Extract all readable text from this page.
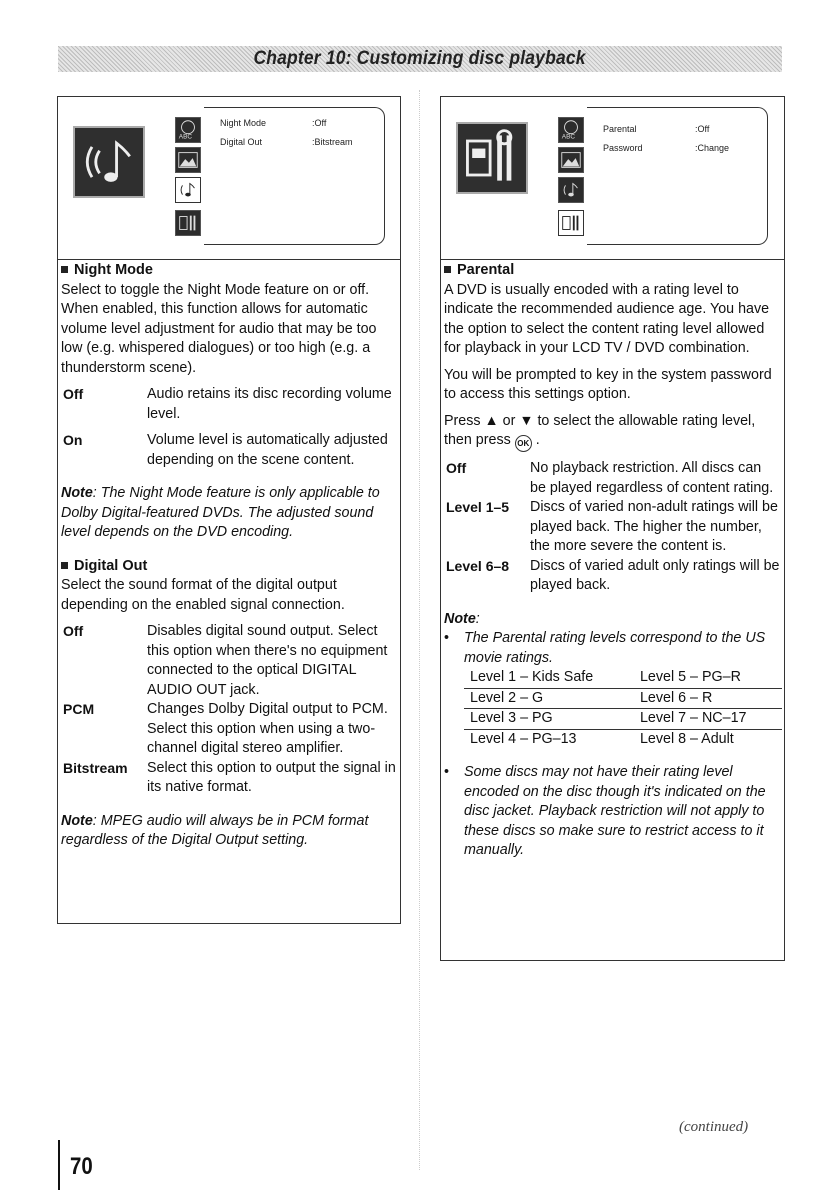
Chapter 10: Customizing disc playback
ABC
Night Mode	:Off
Digital Out	:Bitstream
Night Mode

Select to toggle the Night Mode feature on or off. When enabled, this function allows for automatic volume level adjustment for audio that may be too low (e.g. whispered dialogues) or too high (e.g. a thunderstorm scene).

Off	Audio retains its disc recording volume level.
On	Volume level is automatically adjusted depending on the scene content.

Note: The Night Mode feature is only applicable to Dolby Digital-featured DVDs. The adjusted sound level depends on the DVD encoding.

Digital Out

Select the sound format of the digital output depending on the enabled signal connection.

Off	Disables digital sound output. Select this option when there's no equipment connected to the optical DIGITAL AUDIO OUT jack.
PCM	Changes Dolby Digital output to PCM. Select this option when using a two-channel digital stereo amplifier.
Bitstream	Select this option to output the signal in its native format.

Note: MPEG audio will always be in PCM format regardless of the Digital Output setting.

ABC
Parental	:Off
Password	:Change
Parental

A DVD is usually encoded with a rating level to indicate the recommended audience age. You have the option to select the content rating level allowed for playback in your LCD TV / DVD combination.

You will be prompted to key in the system password to access this settings option.

Press ▲ or ▼ to select the allowable rating level, then press OK .

Off	No playback restriction. All discs can be played regardless of content rating.
Level 1–5	Discs of varied non-adult ratings will be played back. The higher the number, the more severe the content is.
Level 6–8	Discs of varied adult only ratings will be played back.

Note:

• The Parental rating levels correspond to the US movie ratings.
Level 1 – Kids Safe	Level 5 – PG–R
Level 2 – G	Level 6 – R
Level 3 – PG	Level 7 – NC–17
Level 4 – PG–13	Level 8 – Adult
• Some discs may not have their rating level encoded on the disc though it's indicated on the disc jacket. Playback restriction will not apply to these discs so make sure to restrict access to it manually.
(continued)
70
